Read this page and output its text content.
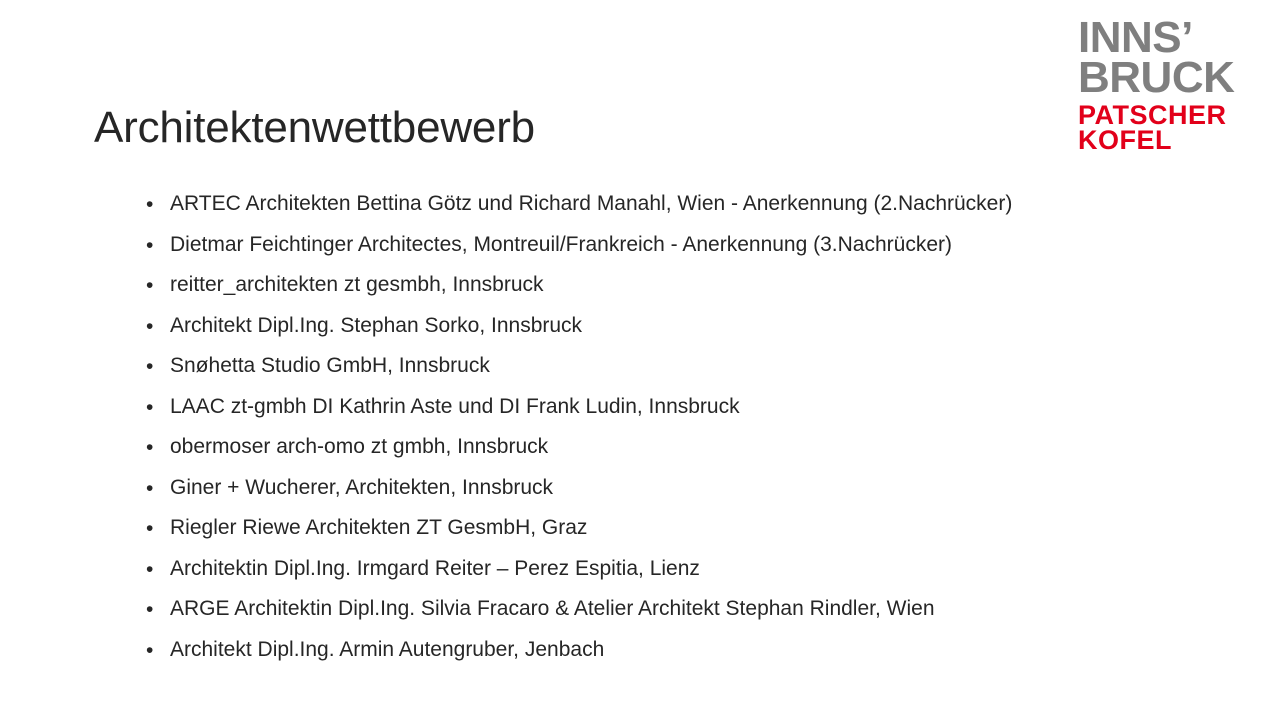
INNS’
BRUCK
PATSCHER
KOFEL
Architektenwettbewerb
• ARTEC Architekten Bettina Götz und Richard Manahl, Wien - Anerkennung (2.Nachrücker)
• Dietmar Feichtinger Architectes, Montreuil/Frankreich - Anerkennung (3.Nachrücker)
• reitter_architekten zt gesmbh, Innsbruck
• Architekt Dipl.Ing. Stephan Sorko, Innsbruck
• Snøhetta Studio GmbH, Innsbruck
• LAAC zt-gmbh DI Kathrin Aste und DI Frank Ludin, Innsbruck
• obermoser arch-omo zt gmbh, Innsbruck
• Giner + Wucherer, Architekten, Innsbruck
• Riegler Riewe Architekten ZT GesmbH, Graz
• Architektin Dipl.Ing. Irmgard Reiter – Perez Espitia, Lienz
• ARGE Architektin Dipl.Ing. Silvia Fracaro & Atelier Architekt Stephan Rindler, Wien
• Architekt Dipl.Ing. Armin Autengruber, Jenbach
